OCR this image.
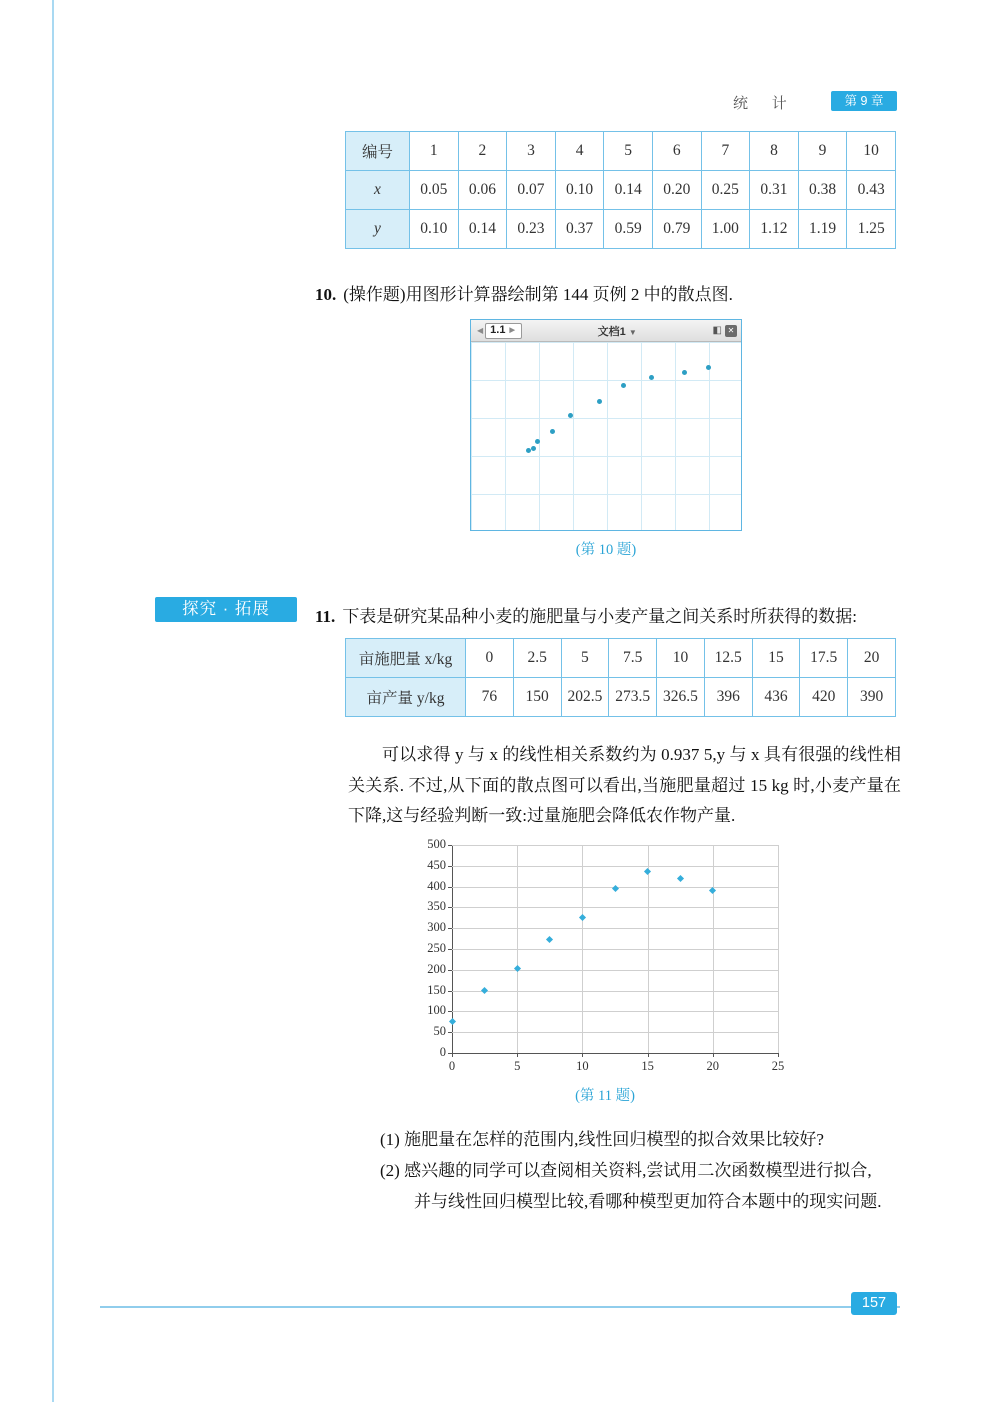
统 计	第 9 章
编号	1	2	3	4	5	6	7	8	9	10
x	0.05	0.06	0.07	0.10	0.14	0.20	0.25	0.31	0.38	0.43
y	0.10	0.14	0.23	0.37	0.59	0.79	1.00	1.12	1.19	1.25
10. (操作题)用图形计算器绘制第 144 页例 2 中的散点图.
◀ 1.1 ▶	文档1 ▼	◧ ✕
(第 10 题)
探究 · 拓展	11. 下表是研究某品种小麦的施肥量与小麦产量之间关系时所获得的数据:
亩施肥量 x/kg	0	2.5	5	7.5	10	12.5	15	17.5	20
亩产量 y/kg	76	150	202.5	273.5	326.5	396	436	420	390
可以求得 y 与 x 的线性相关系数约为 0.937 5,y 与 x 具有很强的线性相关关系. 不过,从下面的散点图可以看出,当施肥量超过 15 kg 时,小麦产量在下降,这与经验判断一致:过量施肥会降低农作物产量.
0	5	10	15	20	25
0
50
100
150
200
250
300
350
400
450
500
(第 11 题)
(1) 施肥量在怎样的范围内,线性回归模型的拟合效果比较好?
(2) 感兴趣的同学可以查阅相关资料,尝试用二次函数模型进行拟合,
并与线性回归模型比较,看哪种模型更加符合本题中的现实问题.
157
